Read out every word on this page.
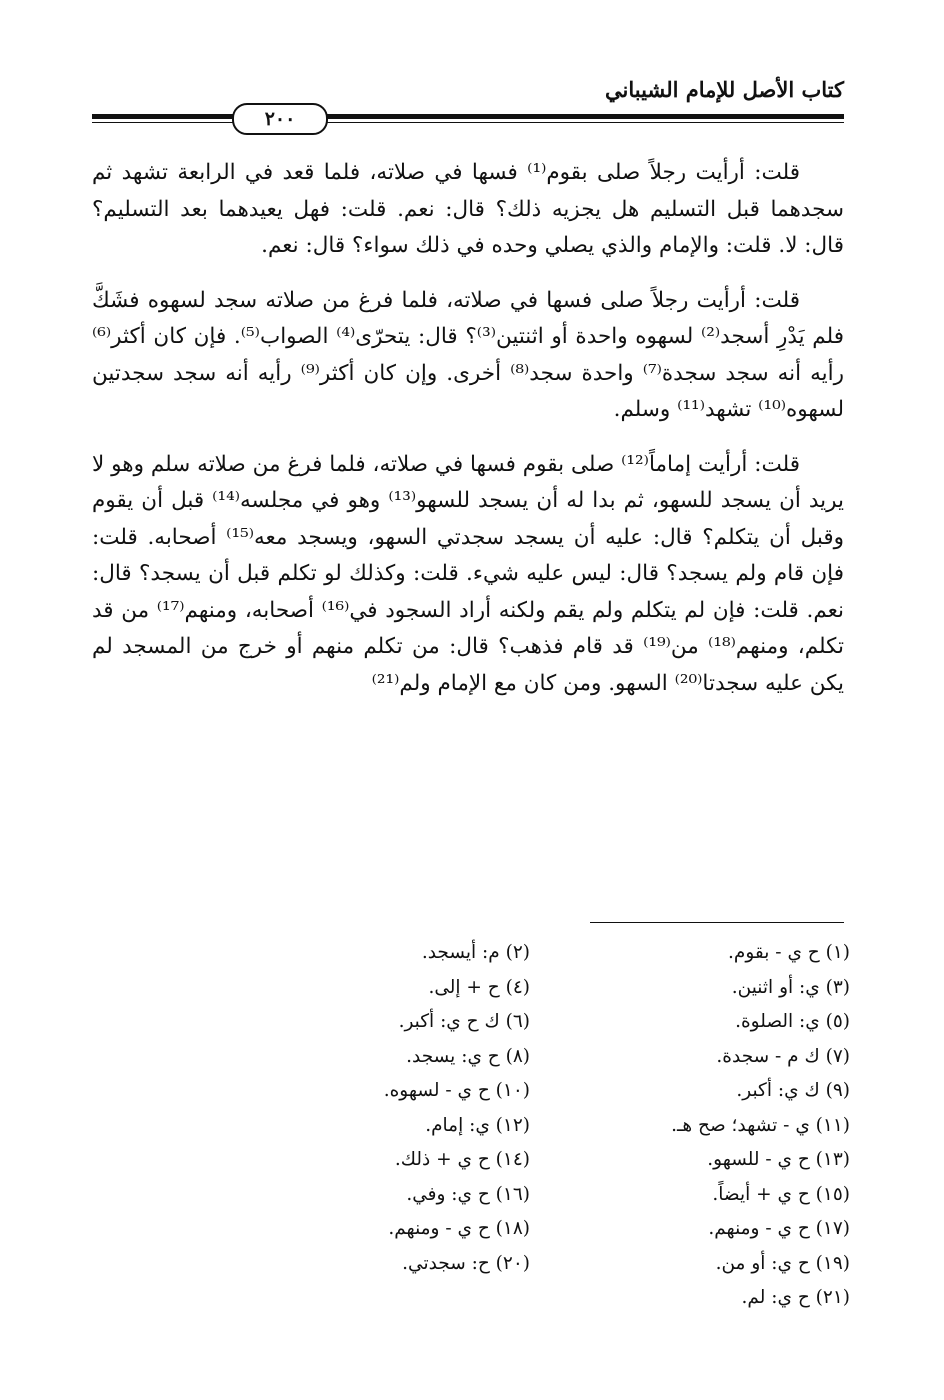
كتاب الأصل للإمام الشيباني
٢٠٠

قلت: أرأيت رجلاً صلى بقوم⁽¹⁾ فسها في صلاته، فلما قعد في الرابعة تشهد ثم سجدهما قبل التسليم هل يجزيه ذلك؟ قال: نعم. قلت: فهل يعيدهما بعد التسليم؟ قال: لا. قلت: والإمام والذي يصلي وحده في ذلك سواء؟ قال: نعم.

قلت: أرأيت رجلاً صلى فسها في صلاته، فلما فرغ من صلاته سجد لسهوه فشَكَّ فلم يَدْرِ أسجد⁽²⁾ لسهوه واحدة أو اثنتين⁽³⁾؟ قال: يتحرّى⁽⁴⁾ الصواب⁽⁵⁾. فإن كان أكثر⁽⁶⁾ رأيه أنه سجد سجدة⁽⁷⁾ واحدة سجد⁽⁸⁾ أخرى. وإن كان أكثر⁽⁹⁾ رأيه أنه سجد سجدتين لسهوه⁽¹⁰⁾ تشهد⁽¹¹⁾ وسلم.

قلت: أرأيت إماماً⁽¹²⁾ صلى بقوم فسها في صلاته، فلما فرغ من صلاته سلم وهو لا يريد أن يسجد للسهو، ثم بدا له أن يسجد للسهو⁽¹³⁾ وهو في مجلسه⁽¹⁴⁾ قبل أن يقوم وقبل أن يتكلم؟ قال: عليه أن يسجد سجدتي السهو، ويسجد معه⁽¹⁵⁾ أصحابه. قلت: فإن قام ولم يسجد؟ قال: ليس عليه شيء. قلت: وكذلك لو تكلم قبل أن يسجد؟ قال: نعم. قلت: فإن لم يتكلم ولم يقم ولكنه أراد السجود في⁽¹⁶⁾ أصحابه، ومنهم⁽¹⁷⁾ من قد تكلم، ومنهم⁽¹⁸⁾ من⁽¹⁹⁾ قد قام فذهب؟ قال: من تكلم منهم أو خرج من المسجد لم يكن عليه سجدتا⁽²⁰⁾ السهو. ومن كان مع الإمام ولم⁽²¹⁾

(١) ح ي - بقوم.
(٢) م: أيسجد.
(٣) ي: أو اثنين.
(٤) ح + إلى.
(٥) ي: الصلوة.
(٦) ك ح ي: أكبر.
(٧) ك م - سجدة.
(٨) ح ي: يسجد.
(٩) ك ي: أكبر.
(١٠) ح ي - لسهوه.
(١١) ي - تشهد؛ صح هـ.
(١٢) ي: إمام.
(١٣) ح ي - للسهو.
(١٤) ح ي + ذلك.
(١٥) ح ي + أيضاً.
(١٦) ح ي: وفي.
(١٧) ح ي - ومنهم.
(١٨) ح ي - ومنهم.
(١٩) ح ي: أو من.
(٢٠) ح: سجدتي.
(٢١) ح ي: لم.
